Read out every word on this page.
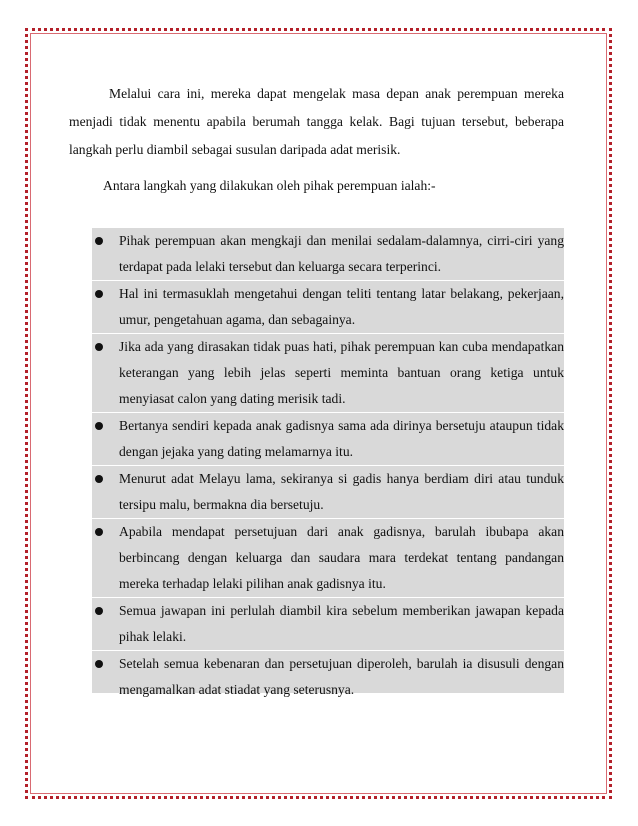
Melalui cara ini, mereka dapat mengelak masa depan anak perempuan mereka menjadi tidak menentu apabila berumah tangga kelak. Bagi tujuan tersebut, beberapa langkah perlu diambil sebagai susulan daripada adat merisik.

Antara langkah yang dilakukan oleh pihak perempuan ialah:-

Pihak perempuan akan mengkaji dan menilai sedalam-dalamnya, cirri-ciri yang terdapat pada lelaki tersebut dan keluarga secara terperinci.
Hal ini termasuklah mengetahui dengan teliti tentang latar belakang, pekerjaan, umur, pengetahuan agama, dan sebagainya.
Jika ada yang dirasakan tidak puas hati, pihak perempuan kan cuba mendapatkan keterangan yang lebih jelas seperti meminta bantuan orang ketiga untuk menyiasat calon yang dating merisik tadi.
Bertanya sendiri kepada anak gadisnya sama ada dirinya bersetuju ataupun tidak dengan jejaka yang dating melamarnya itu.
Menurut adat Melayu lama, sekiranya si gadis hanya berdiam diri atau tunduk tersipu malu, bermakna dia bersetuju.
Apabila mendapat persetujuan dari anak gadisnya, barulah ibubapa akan berbincang dengan keluarga dan saudara mara terdekat tentang pandangan mereka terhadap lelaki pilihan anak gadisnya itu.
Semua jawapan ini perlulah diambil kira sebelum memberikan jawapan kepada pihak lelaki.
Setelah semua kebenaran dan persetujuan diperoleh, barulah ia disusuli dengan mengamalkan adat stiadat yang seterusnya.
